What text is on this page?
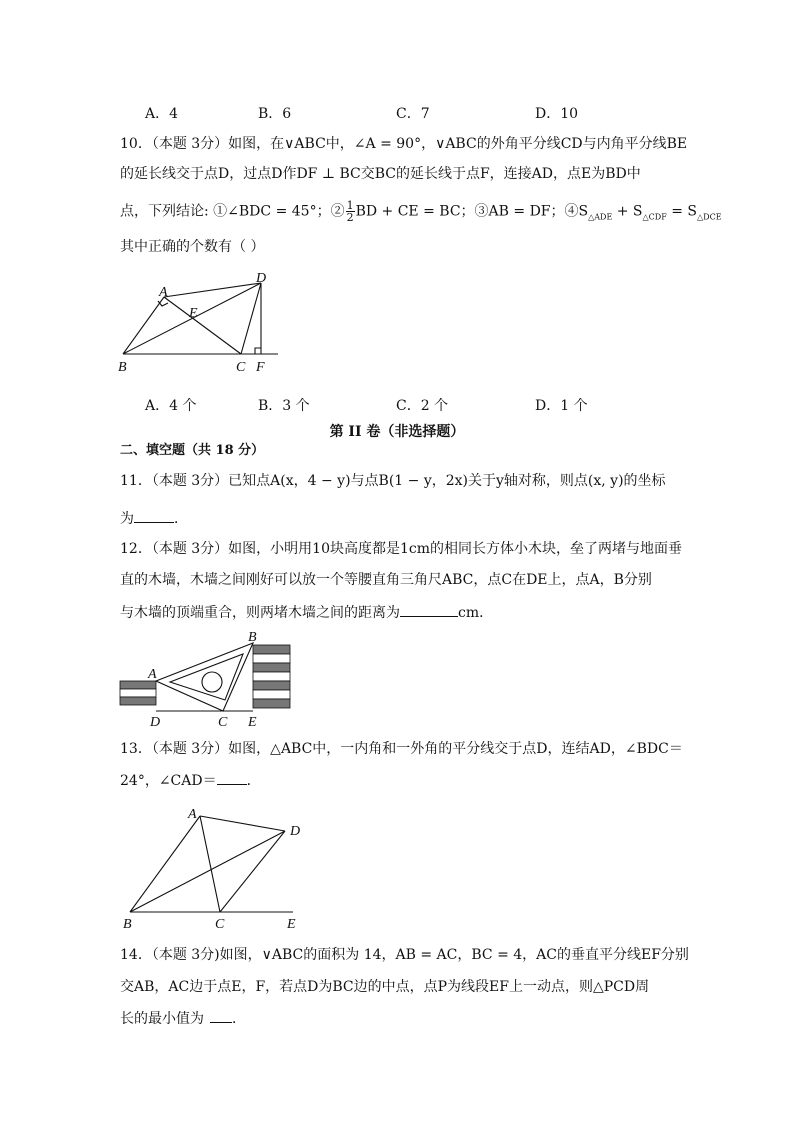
A．4	B．6	C．7	D．10
10．（本题 3分）如图，在∨ABC中，∠A = 90°，∨ABC的外角平分线CD与内角平分线BE
的延长线交于点D，过点D作DF ⊥ BC交BC的延长线于点F，连接AD，点E为BD中
点，下列结论: ①∠BDC = 45°；② $\frac{1}{2}$ BD + CE = BC；③AB = DF；$④S_{\triangle ADE} + S_{\triangle CDF} = S_{\triangle DCE}$
其中正确的个数有（ ）
A
B	C
D
E
F
A．4 个	B．3 个	C．2 个	D．1 个
第 II 卷（非选择题）
二、填空题（共 18 分）
11．（本题 3分）已知点A(x，4 − y)与点B(1 − y，2x)关于y轴对称，则点(x, y)的坐标
为	．
12．（本题 3分）如图，小明用10块高度都是1cm的相同长方体小木块，垒了两堵与地面垂
直的木墙，木墙之间刚好可以放一个等腰直角三角尺ABC，点C在DE上，点A，B分别
与木墙的顶端重合，则两堵木墙之间的距离为	cm．
A
B
C
D	E
13．（本题 3分）如图，△ABC中，一内角和一外角的平分线交于点D，连结AD，∠BDC＝
24°，∠CAD＝ ．
A
B	C
D
E
14．（本题 3分)如图，∨ABC的面积为 14，AB = AC，BC = 4，AC的垂直平分线EF分别
交AB，AC边于点E，F，若点D为BC边的中点，点P为线段EF上一动点，则△PCD周
长的最小值为 ．
